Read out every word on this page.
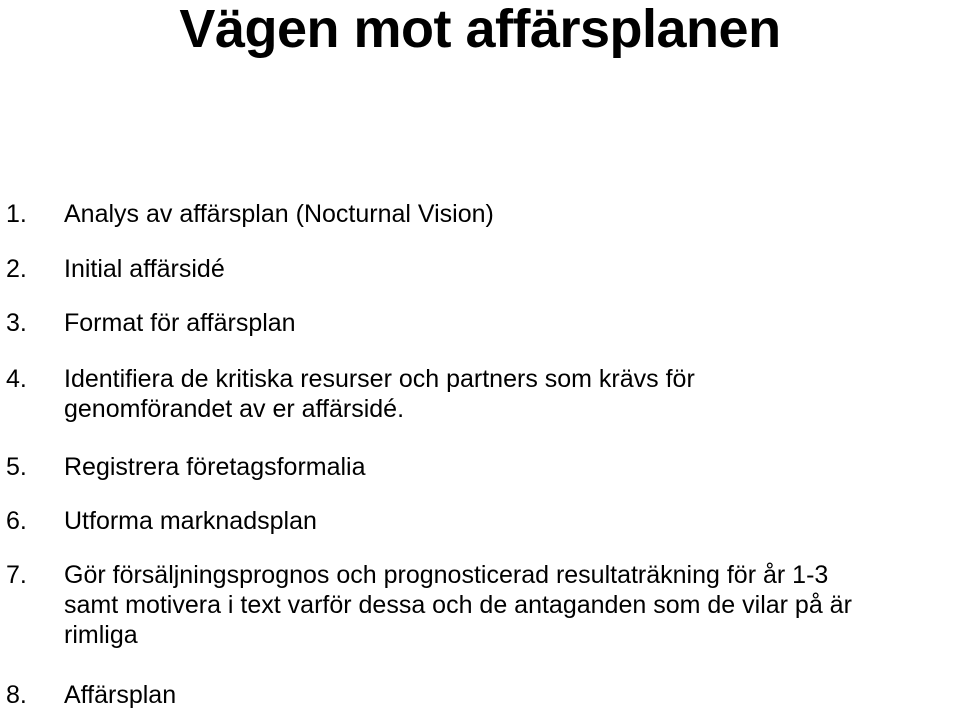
Vägen mot affärsplanen
1.	Analys av affärsplan (Nocturnal Vision)
2.	Initial affärsidé
3.	Format för affärsplan
4.	Identifiera de kritiska resurser och partners som krävs för
genomförandet av er affärsidé.
5.	Registrera företagsformalia
6.	Utforma marknadsplan
7.	Gör försäljningsprognos och prognosticerad resultaträkning för år 1-3
samt motivera i text varför dessa och de antaganden som de vilar på är
rimliga
8.	Affärsplan
